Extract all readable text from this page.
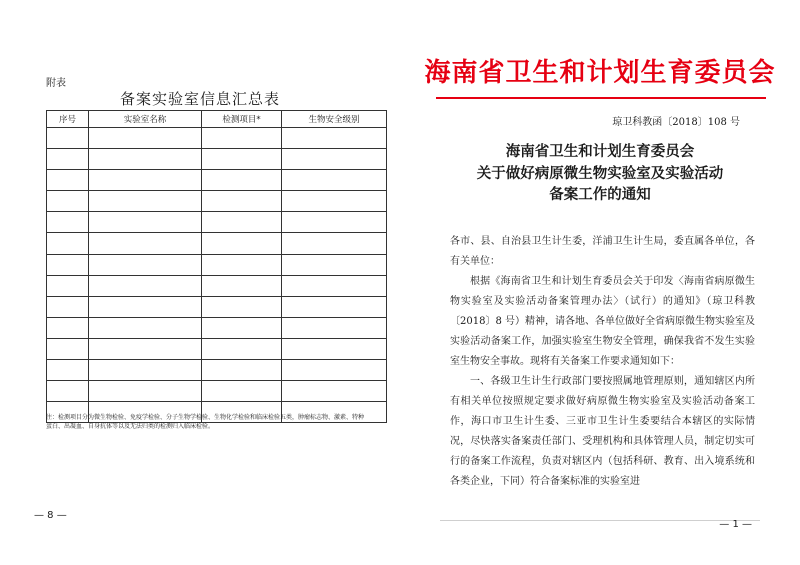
附表
备案实验室信息汇总表
序号	实验室名称	检测项目*	生物安全级别

注：检测项目分为微生物检验、免疫学检验、分子生物学检验、生物化学检验和临床检验五类，肿瘤标志物、激素、特种蛋白、出凝血、自身抗体等以及无法归类的检测归入临床检验。
— 8 —
海南省卫生和计划生育委员会
琼卫科教函〔2018〕108 号
海南省卫生和计划生育委员会
关于做好病原微生物实验室及实验活动
备案工作的通知

各市、县、自治县卫生计生委，洋浦卫生计生局，委直属各单位，各有关单位：

根据《海南省卫生和计划生育委员会关于印发〈海南省病原微生物实验室及实验活动备案管理办法〉（试行）的通知》（琼卫科教〔2018〕8 号）精神，请各地、各单位做好全省病原微生物实验室及实验活动备案工作，加强实验室生物安全管理，确保我省不发生实验室生物安全事故。现将有关备案工作要求通知如下：

一、各级卫生计生行政部门要按照属地管理原则，通知辖区内所有相关单位按照规定要求做好病原微生物实验室及实验活动备案工作，海口市卫生计生委、三亚市卫生计生委要结合本辖区的实际情况，尽快落实备案责任部门、受理机构和具体管理人员，制定切实可行的备案工作流程，负责对辖区内（包括科研、教育、出入境系统和各类企业，下同）符合备案标准的实验室进

— 1 —
